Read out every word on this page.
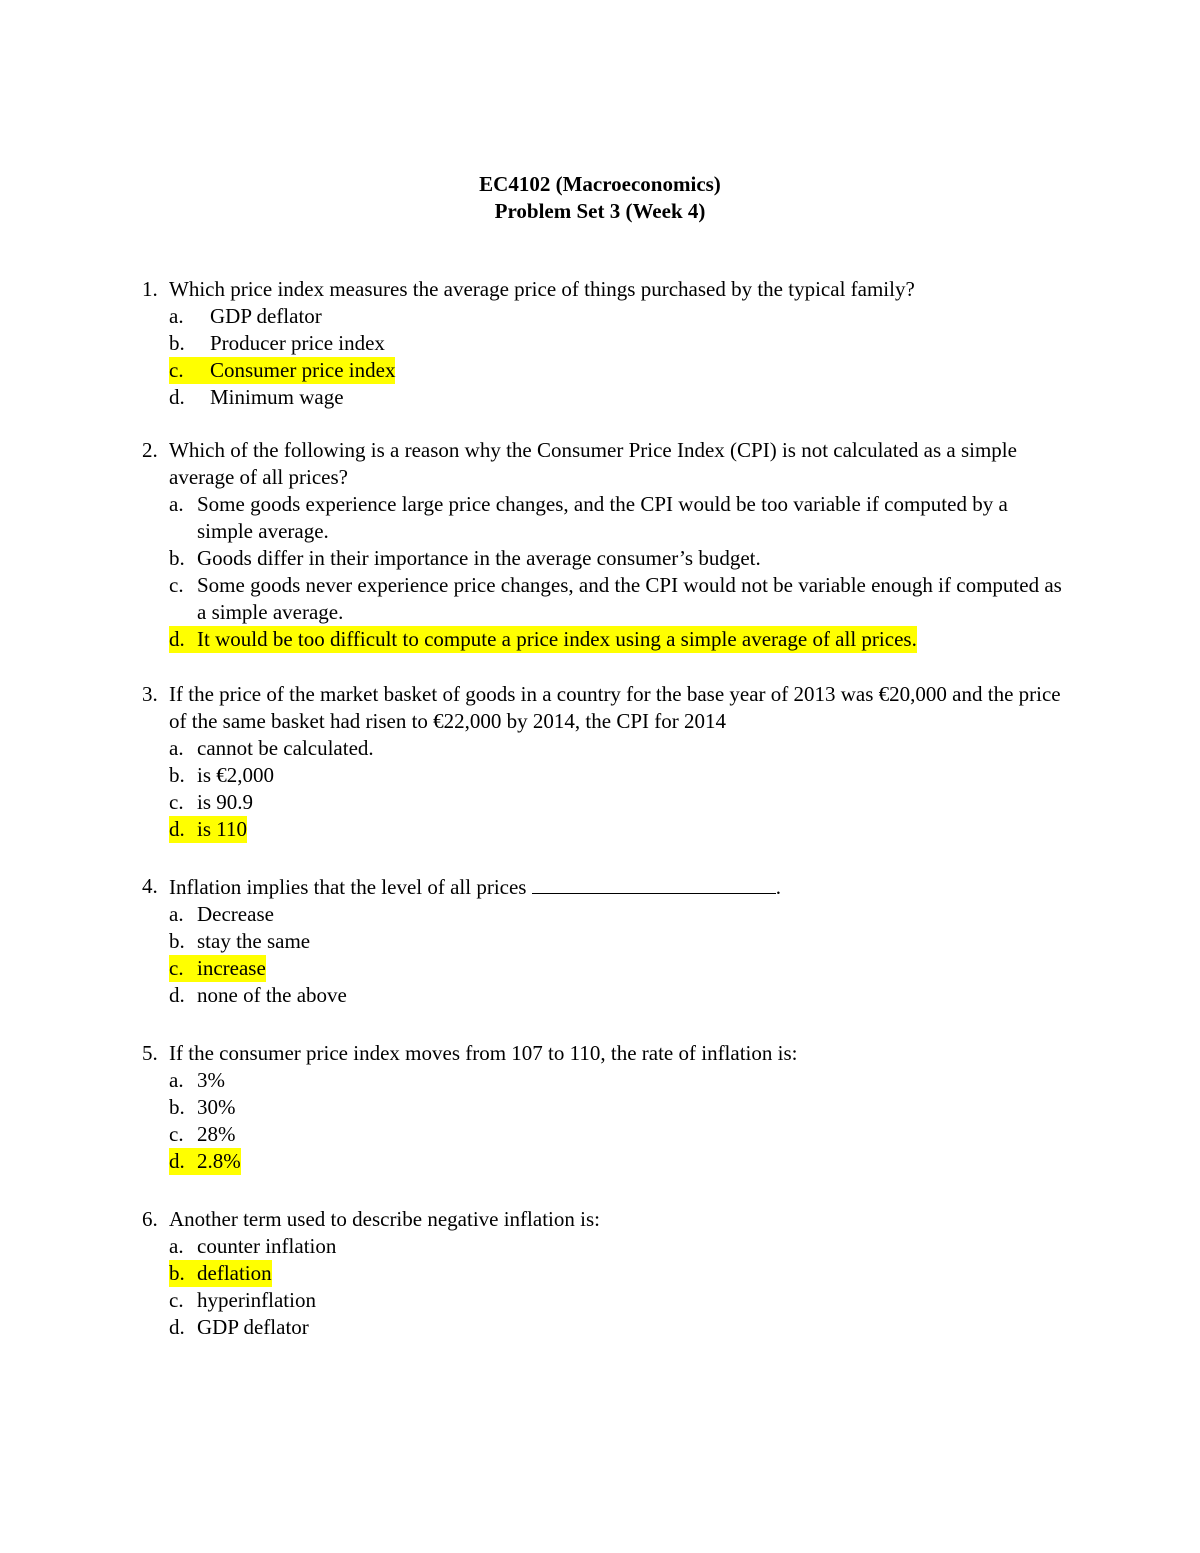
EC4102 (Macroeconomics)
Problem Set 3 (Week 4)
1. Which price index measures the average price of things purchased by the typical family?
a.	GDP deflator
b.	Producer price index
c.	Consumer price index
d.	Minimum wage
2. Which of the following is a reason why the Consumer Price Index (CPI) is not calculated as a simple average of all prices?
a. Some goods experience large price changes, and the CPI would be too variable if computed by a simple average.
b. Goods differ in their importance in the average consumer’s budget.
c. Some goods never experience price changes, and the CPI would not be variable enough if computed as a simple average.
d. It would be too difficult to compute a price index using a simple average of all prices.
3. If the price of the market basket of goods in a country for the base year of 2013 was €20,000 and the price of the same basket had risen to €22,000 by 2014, the CPI for 2014
a. cannot be calculated.
b. is €2,000
c. is 90.9
d. is 110
4. Inflation implies that the level of all prices	.
a. Decrease
b. stay the same
c. increase
d. none of the above
5. If the consumer price index moves from 107 to 110, the rate of inflation is:
a. 3%
b. 30%
c. 28%
d. 2.8%
6. Another term used to describe negative inflation is:
a. counter inflation
b. deflation
c. hyperinflation
d. GDP deflator
